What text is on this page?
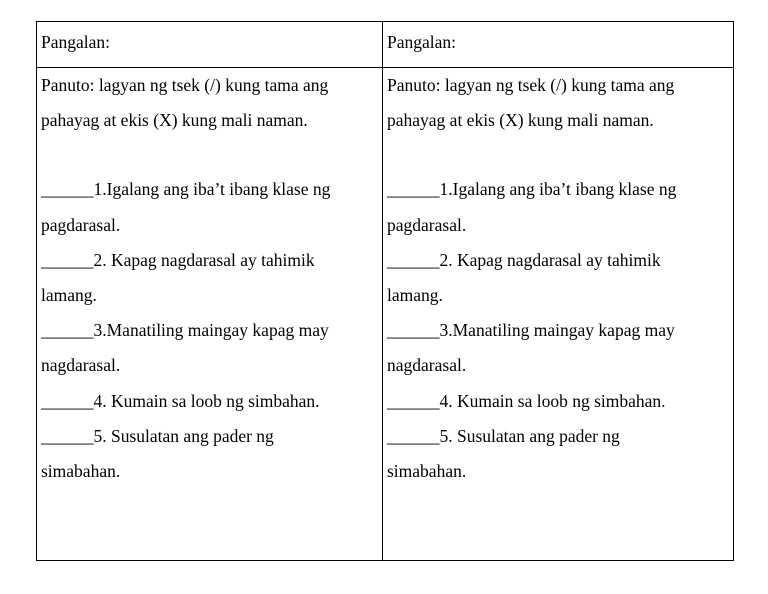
Pangalan:
Panuto: lagyan ng tsek (/) kung tama ang
pahayag at ekis (X) kung mali naman.
______1.Igalang ang iba’t ibang klase ng
pagdarasal.
______2. Kapag nagdarasal ay tahimik
lamang.
______3.Manatiling maingay kapag may
nagdarasal.
______4. Kumain sa loob ng simbahan.
______5. Susulatan ang pader ng
simabahan.
Pangalan:
Panuto: lagyan ng tsek (/) kung tama ang
pahayag at ekis (X) kung mali naman.
______1.Igalang ang iba’t ibang klase ng
pagdarasal.
______2. Kapag nagdarasal ay tahimik
lamang.
______3.Manatiling maingay kapag may
nagdarasal.
______4. Kumain sa loob ng simbahan.
______5. Susulatan ang pader ng
simabahan.
